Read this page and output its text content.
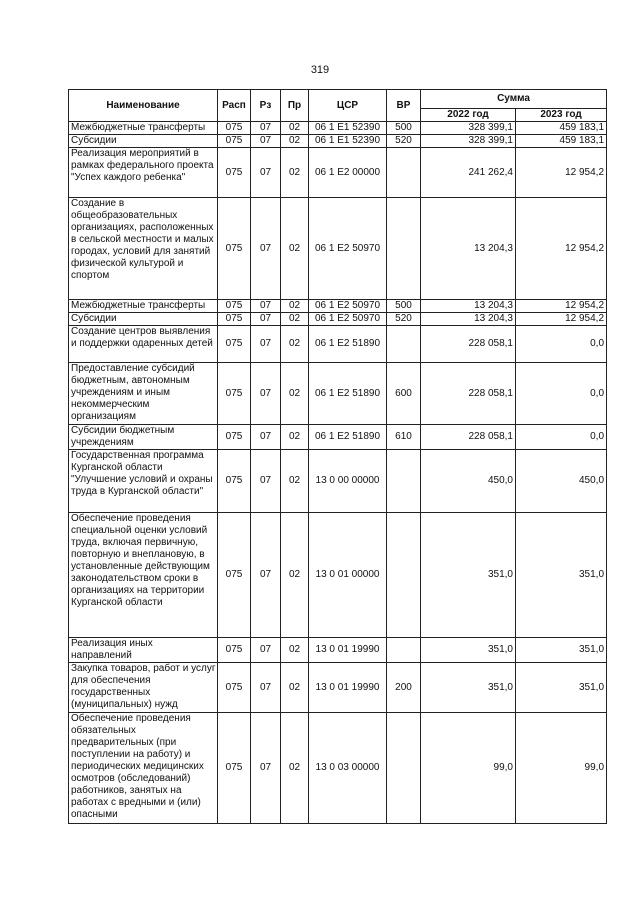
319
Наименование	Расп	Рз	Пр	ЦСР	ВР	Сумма	
						2022 год	2023 год
Межбюджетные трансферты	075	07	02	06 1 Е1 52390	500	328 399,1	459 183,1
Субсидии	075	07	02	06 1 Е1 52390	520	328 399,1	459 183,1
Реализация мероприятий в рамках федерального проекта "Успех каждого ребенка"	075	07	02	06 1 Е2 00000		241 262,4	12 954,2
Создание в общеобразовательных организациях, расположенных в сельской местности и малых городах, условий для занятий физической культурой и спортом	075	07	02	06 1 Е2 50970		13 204,3	12 954,2
Межбюджетные трансферты	075	07	02	06 1 Е2 50970	500	13 204,3	12 954,2
Субсидии	075	07	02	06 1 Е2 50970	520	13 204,3	12 954,2
Создание центров выявления и поддержки одаренных детей	075	07	02	06 1 Е2 51890		228 058,1	0,0
Предоставление субсидий бюджетным, автономным учреждениям и иным некоммерческим организациям	075	07	02	06 1 Е2 51890	600	228 058,1	0,0
Субсидии бюджетным учреждениям	075	07	02	06 1 Е2 51890	610	228 058,1	0,0
Государственная программа Курганской области "Улучшение условий и охраны труда в Курганской области"	075	07	02	13 0 00 00000		450,0	450,0
Обеспечение проведения специальной оценки условий труда, включая первичную, повторную и внеплановую, в установленные действующим законодательством сроки в организациях на территории Курганской области	075	07	02	13 0 01 00000		351,0	351,0
Реализация иных направлений	075	07	02	13 0 01 19990		351,0	351,0
Закупка товаров, работ и услуг для обеспечения государственных (муниципальных) нужд	075	07	02	13 0 01 19990	200	351,0	351,0
Обеспечение проведения обязательных предварительных (при поступлении на работу) и периодических медицинских осмотров (обследований) работников, занятых на работах с вредными и (или) опасными	075	07	02	13 0 03 00000		99,0	99,0
